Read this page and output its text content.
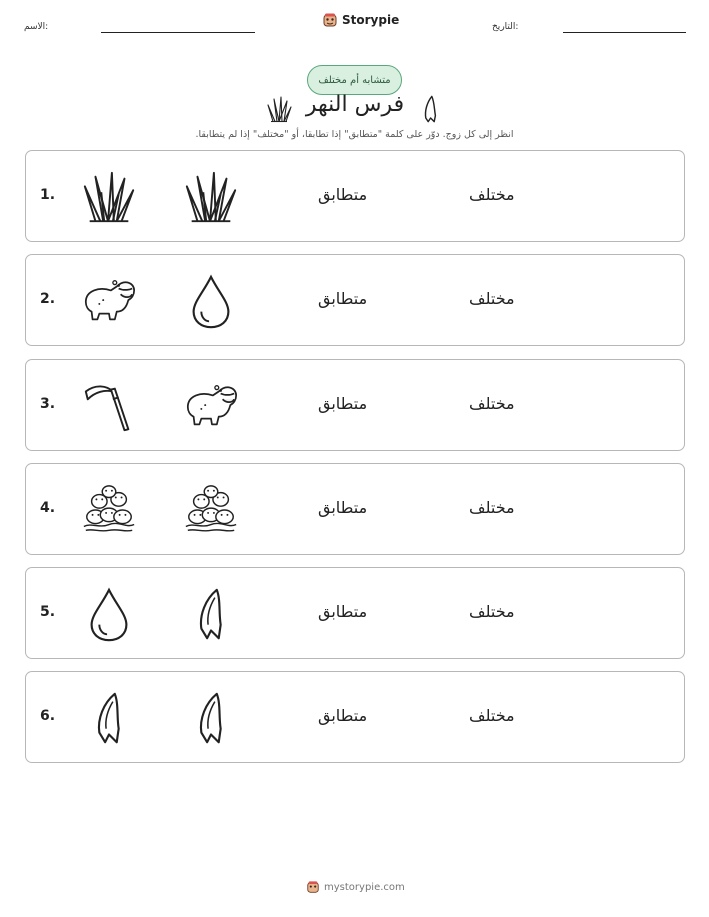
الاسم:	Storypie	التاريخ:
متشابه أم مختلف
فرس النهر
انظر إلى كل زوج. دوّر على كلمة "متطابق" إذا تطابقا، أو "مختلف" إذا لم يتطابقا.
1.	متطابق	مختلف
2.	متطابق	مختلف
3.	متطابق	مختلف
4.	متطابق	مختلف
5.	متطابق	مختلف
6.	متطابق	مختلف
mystorypie.com
